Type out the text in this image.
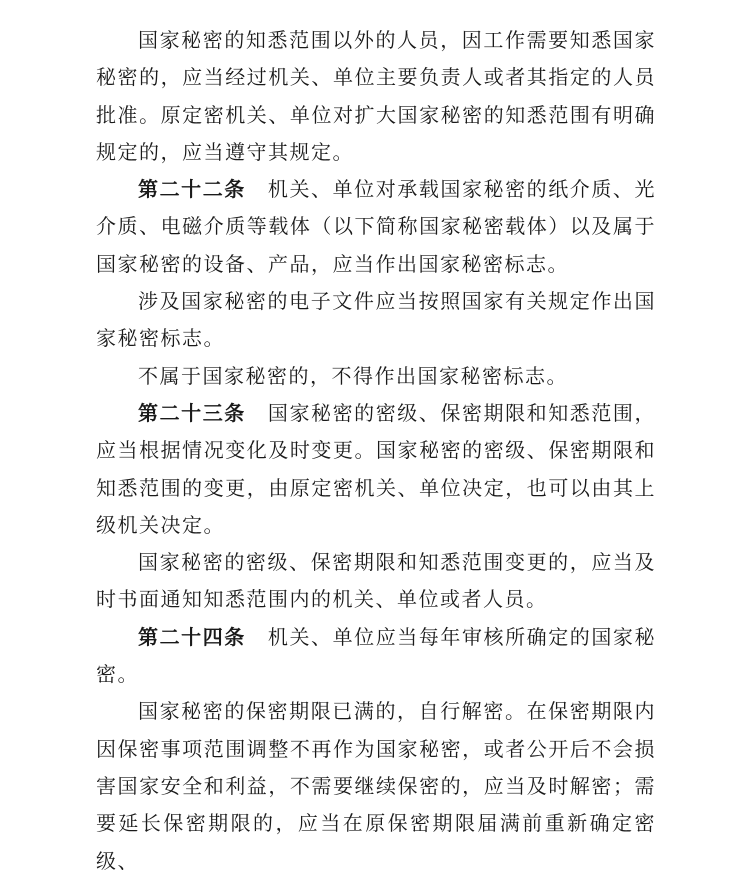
国家秘密的知悉范围以外的人员，因工作需要知悉国家秘密的，应当经过机关、单位主要负责人或者其指定的人员批准。原定密机关、单位对扩大国家秘密的知悉范围有明确规定的，应当遵守其规定。

第二十二条 机关、单位对承载国家秘密的纸介质、光介质、电磁介质等载体（以下简称国家秘密载体）以及属于国家秘密的设备、产品，应当作出国家秘密标志。

涉及国家秘密的电子文件应当按照国家有关规定作出国家秘密标志。

不属于国家秘密的，不得作出国家秘密标志。

第二十三条 国家秘密的密级、保密期限和知悉范围，应当根据情况变化及时变更。国家秘密的密级、保密期限和知悉范围的变更，由原定密机关、单位决定，也可以由其上级机关决定。

国家秘密的密级、保密期限和知悉范围变更的，应当及时书面通知知悉范围内的机关、单位或者人员。

第二十四条 机关、单位应当每年审核所确定的国家秘密。

国家秘密的保密期限已满的，自行解密。在保密期限内因保密事项范围调整不再作为国家秘密，或者公开后不会损害国家安全和利益，不需要继续保密的，应当及时解密；需要延长保密期限的，应当在原保密期限届满前重新确定密级、
